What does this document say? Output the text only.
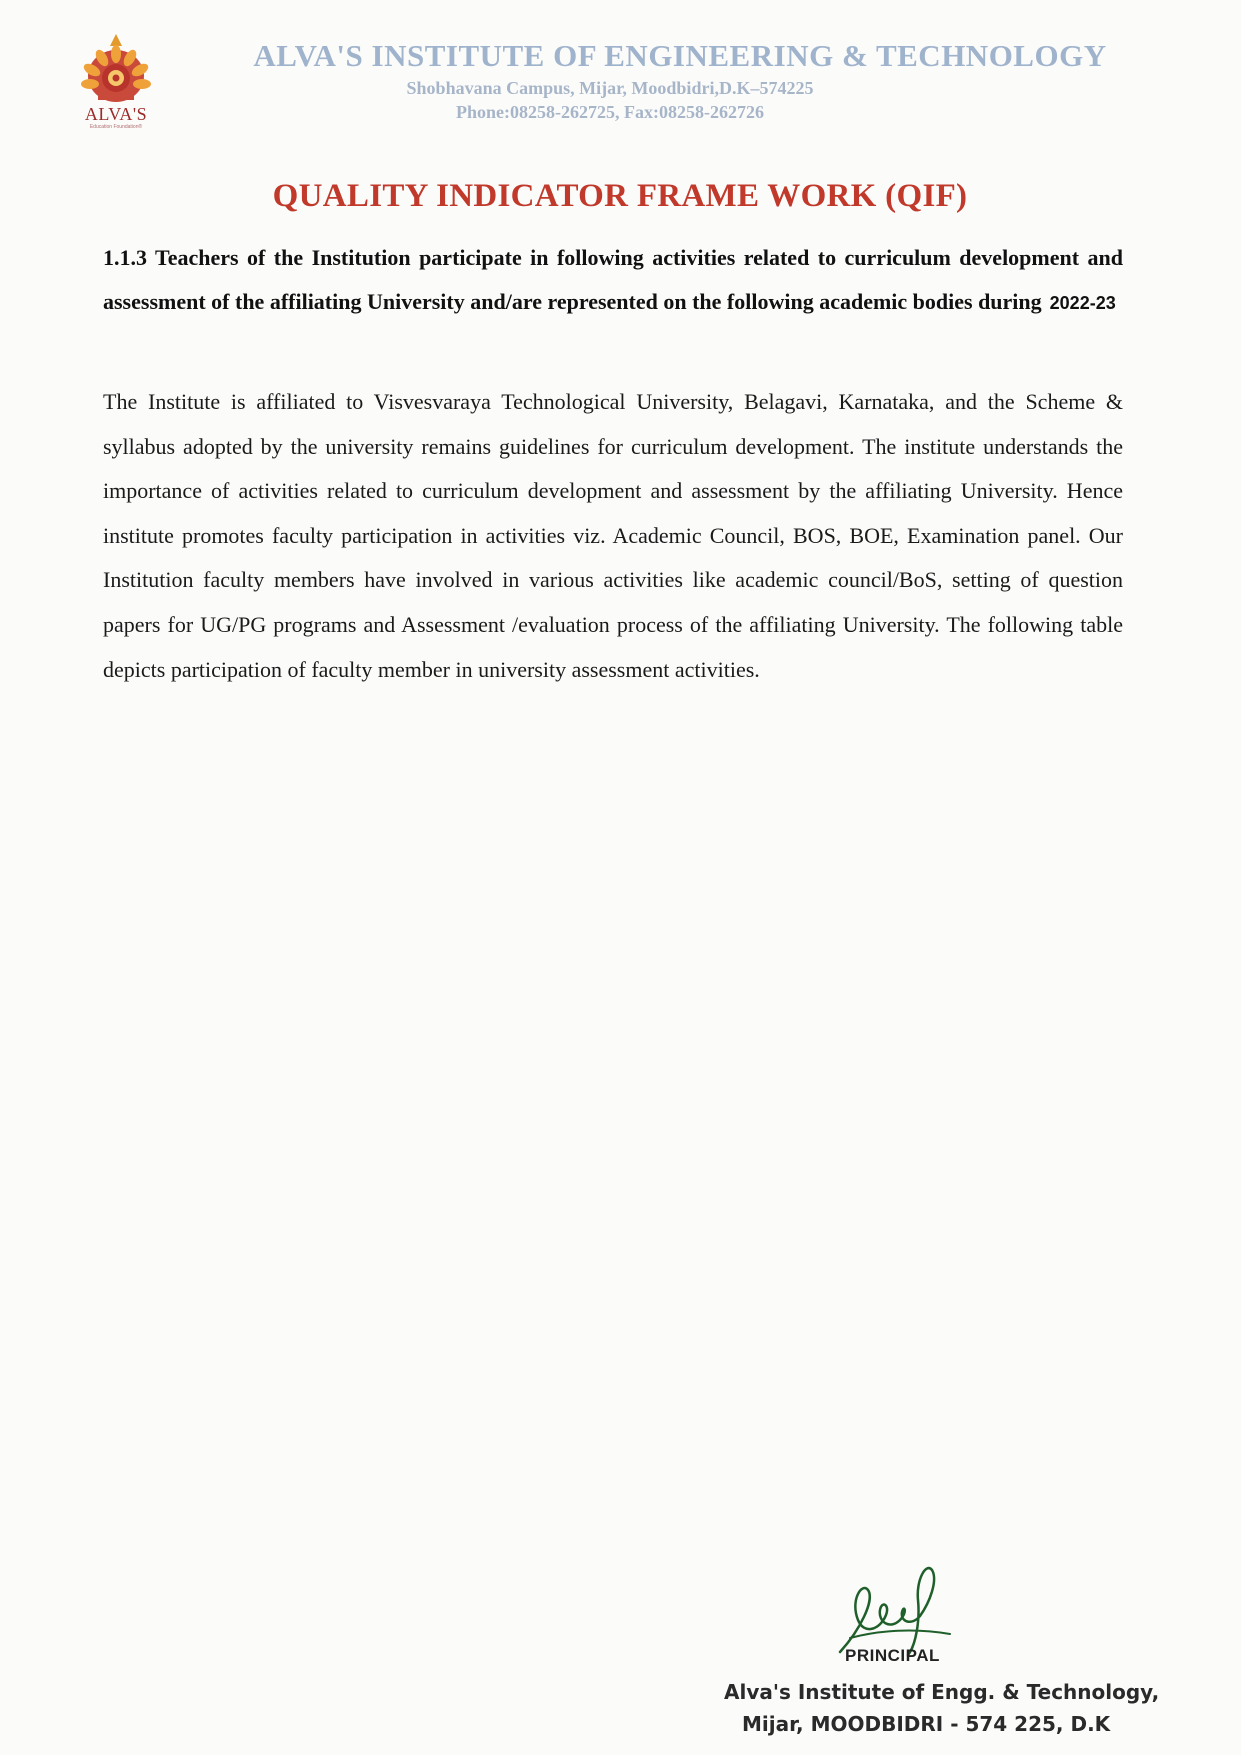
ALVA'S
Education Foundation®
ALVA'S INSTITUTE OF ENGINEERING & TECHNOLOGY
Shobhavana Campus, Mijar, Moodbidri,D.K–574225
Phone:08258-262725, Fax:08258-262726
QUALITY INDICATOR FRAME WORK (QIF)
1.1.3 Teachers of the Institution participate in following activities related to curriculum development and assessment of the affiliating University and/are represented on the following academic bodies during 2022-23
The Institute is affiliated to Visvesvaraya Technological University, Belagavi, Karnataka, and the Scheme & syllabus adopted by the university remains guidelines for curriculum development. The institute understands the importance of activities related to curriculum development and assessment by the affiliating University. Hence institute promotes faculty participation in activities viz. Academic Council, BOS, BOE, Examination panel. Our Institution faculty members have involved in various activities like academic council/BoS, setting of question papers for UG/PG programs and Assessment /evaluation process of the affiliating University. The following table depicts participation of faculty member in university assessment activities.
PRINCIPAL
Alva's Institute of Engg. & Technology,
Mijar, MOODBIDRI - 574 225, D.K
